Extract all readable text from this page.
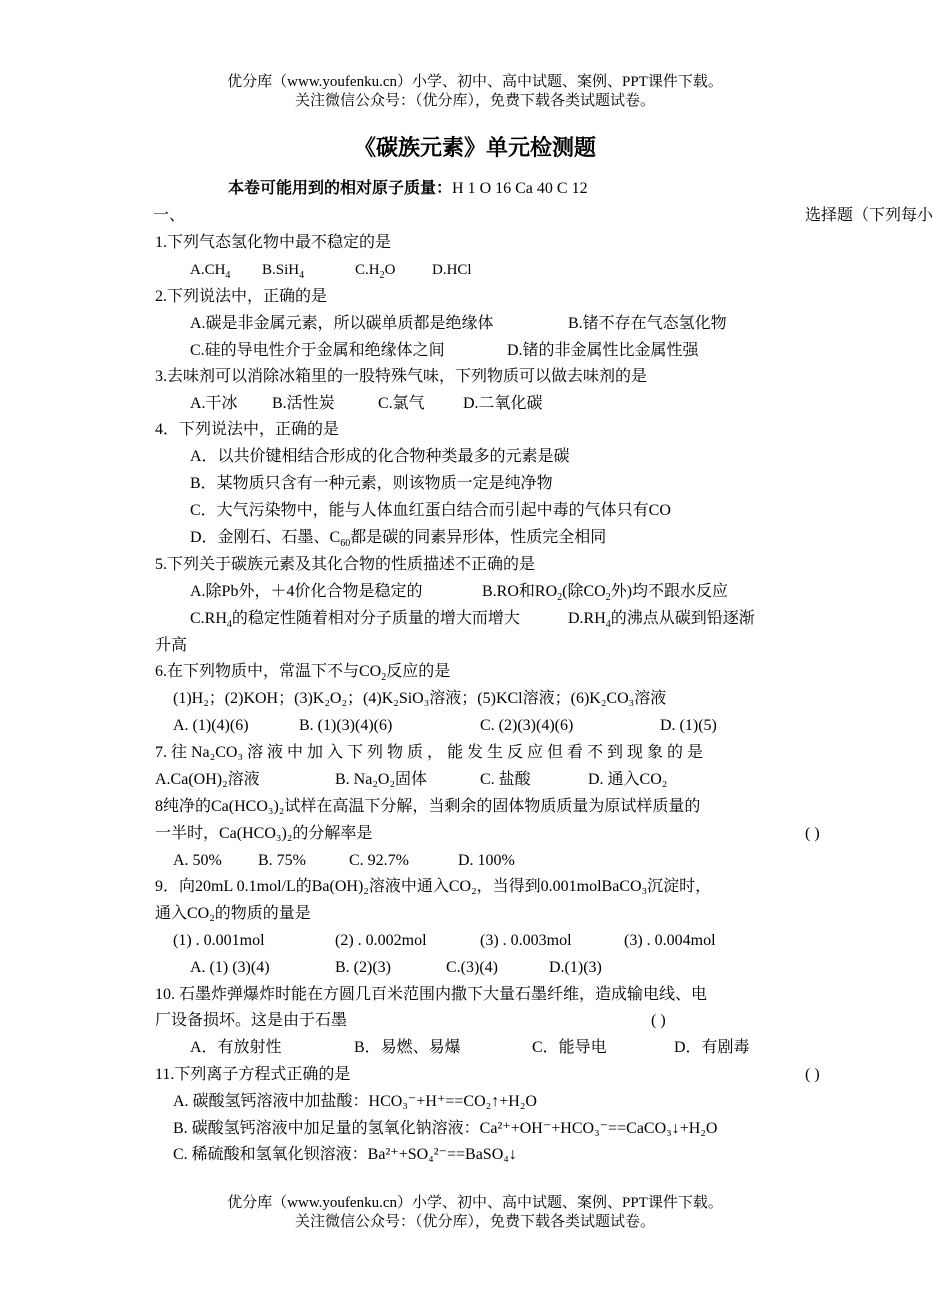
优分库（www.youfenku.cn）小学、初中、高中试题、案例、PPT课件下载。
关注微信公众号：（优分库），免费下载各类试题试卷。
《碳族元素》单元检测题
本卷可能用到的相对原子质量：H 1 O 16 Ca 40 C 12
一、	选择题（下列每小
1.下列气态氢化物中最不稳定的是
$A.CH_4$ B.SiH$_4$	$C.H_2O$ D.HCl
2.下列说法中，正确的是
A.碳是非金属元素，所以碳单质都是绝缘体	B.锗不存在气态氢化物
C.硅的导电性介于金属和绝缘体之间	D.锗的非金属性比金属性强
3.去味剂可以消除冰箱里的一股特殊气味，下列物质可以做去味剂的是
A.干冰 B.活性炭	C.氯气 D.二氧化碳
4．下列说法中，正确的是
A．以共价键相结合形成的化合物种类最多的元素是碳
B．某物质只含有一种元素，则该物质一定是纯净物
C．大气污染物中，能与人体血红蛋白结合而引起中毒的气体只有CO
D．金刚石、石墨、$C_{60}$都是碳的同素异形体，性质完全相同
5.下列关于碳族元素及其化合物的性质描述不正确的是
A.除Pb外，＋4价化合物是稳定的	B.RO和$RO_2$(除$CO_2$外)均不跟水反应
$C.RH_4$的稳定性随着相对分子质量的增大而增大	$D.RH_4$的沸点从碳到铅逐渐
升高
6.在下列物质中，常温下不与$CO_2$反应的是
(1)H₂；(2)KOH；(3)K₂O₂；(4)K₂SiO₃溶液；(5)KCl溶液；(6)K₂CO₃溶液
A. (1)(4)(6)	B. (1)(3)(4)(6)	C. (2)(3)(4)(6)	D. (1)(5)
7. 往 Na₂CO₃ 溶 液 中 加 入 下 列 物 质 ， 能 发 生 反 应 但 看 不 到 现 象 的 是
A.Ca(OH)₂溶液	B. Na₂O₂固体	C. 盐酸	D. 通入CO₂
8纯净的Ca(HCO₃)₂试样在高温下分解，当剩余的固体物质质量为原试样质量的
一半时，Ca(HCO₃)₂的分解率是	( )
A. 50% B. 75%	C. 92.7%	D. 100%
9．向20mL 0.1mol/L的Ba(OH)₂溶液中通入CO₂，当得到0.001molBaCO₃沉淀时，
通入CO₂的物质的量是
(1) . 0.001mol	(2) . 0.002mol	(3) . 0.003mol	(3) . 0.004mol
A. (1) (3)(4)	B. (2)(3)	C.(3)(4)	D.(1)(3)
10. 石墨炸弹爆炸时能在方圆几百米范围内撒下大量石墨纤维，造成输电线、电
厂设备损坏。这是由于石墨	( )
A．有放射性	B．易燃、易爆	C．能导电	D．有剧毒
11.下列离子方程式正确的是	( )
A. 碳酸氢钙溶液中加盐酸：HCO₃⁻+H⁺==CO₂↑+H₂O
B. 碳酸氢钙溶液中加足量的氢氧化钠溶液：Ca²⁺+OH⁻+HCO₃⁻==CaCO₃↓+H₂O
C. 稀硫酸和氢氧化钡溶液：Ba²⁺+SO₄²⁻==BaSO₄↓
优分库（www.youfenku.cn）小学、初中、高中试题、案例、PPT课件下载。
关注微信公众号：（优分库），免费下载各类试题试卷。
